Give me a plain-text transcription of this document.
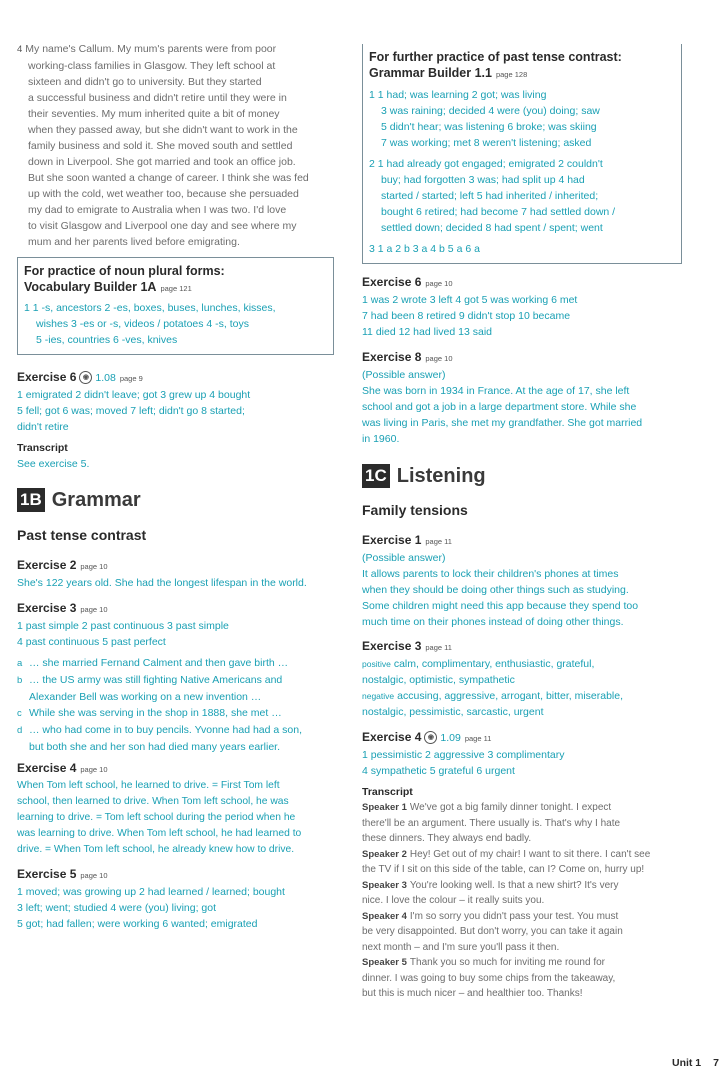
4 My name's Callum. My mum's parents were from poor
working-class families in Glasgow. They left school at
sixteen and didn't go to university. But they started
a successful business and didn't retire until they were in
their seventies. My mum inherited quite a bit of money
when they passed away, but she didn't want to work in the
family business and sold it. She moved south and settled
down in Liverpool. She got married and took an office job.
But she soon wanted a change of career. I think she was fed
up with the cold, wet weather too, because she persuaded
my dad to emigrate to Australia when I was two. I'd love
to visit Glasgow and Liverpool one day and see where my
mum and her parents lived before emigrating.
For practice of noun plural forms:
Vocabulary Builder 1A page 121
1 1 -s, ancestors 2 -es, boxes, buses, lunches, kisses,
wishes 3 -es or -s, videos / potatoes 4 -s, toys
5 -ies, countries 6 -ves, knives
Exercise 6 ◉ 1.08 page 9
1 emigrated 2 didn't leave; got 3 grew up 4 bought
5 fell; got 6 was; moved 7 left; didn't go 8 started;
didn't retire
Transcript
See exercise 5.
1B Grammar
Past tense contrast
Exercise 2 page 10
She's 122 years old. She had the longest lifespan in the world.
Exercise 3 page 10
1 past simple 2 past continuous 3 past simple
4 past continuous 5 past perfect
a … she married Fernand Calment and then gave birth …
b … the US army was still fighting Native Americans and
Alexander Bell was working on a new invention …
c While she was serving in the shop in 1888, she met …
d … who had come in to buy pencils. Yvonne had had a son,
but both she and her son had died many years earlier.
Exercise 4 page 10
When Tom left school, he learned to drive. = First Tom left
school, then learned to drive. When Tom left school, he was
learning to drive. = Tom left school during the period when he
was learning to drive. When Tom left school, he had learned to
drive. = When Tom left school, he already knew how to drive.
Exercise 5 page 10
1 moved; was growing up 2 had learned / learned; bought
3 left; went; studied 4 were (you) living; got
5 got; had fallen; were working 6 wanted; emigrated
For further practice of past tense contrast:
Grammar Builder 1.1 page 128
1 1 had; was learning 2 got; was living
3 was raining; decided 4 were (you) doing; saw
5 didn't hear; was listening 6 broke; was skiing
7 was working; met 8 weren't listening; asked
2 1 had already got engaged; emigrated 2 couldn't
buy; had forgotten 3 was; had split up 4 had
started / started; left 5 had inherited / inherited;
bought 6 retired; had become 7 had settled down /
settled down; decided 8 had spent / spent; went
3 1 a 2 b 3 a 4 b 5 a 6 a
Exercise 6 page 10
1 was 2 wrote 3 left 4 got 5 was working 6 met
7 had been 8 retired 9 didn't stop 10 became
11 died 12 had lived 13 said
Exercise 8 page 10
(Possible answer)
She was born in 1934 in France. At the age of 17, she left
school and got a job in a large department store. While she
was living in Paris, she met my grandfather. She got married
in 1960.
1C Listening
Family tensions
Exercise 1 page 11
(Possible answer)
It allows parents to lock their children's phones at times
when they should be doing other things such as studying.
Some children might need this app because they spend too
much time on their phones instead of doing other things.
Exercise 3 page 11
positive calm, complimentary, enthusiastic, grateful,
nostalgic, optimistic, sympathetic
negative accusing, aggressive, arrogant, bitter, miserable,
nostalgic, pessimistic, sarcastic, urgent
Exercise 4 ◉ 1.09 page 11
1 pessimistic 2 aggressive 3 complimentary
4 sympathetic 5 grateful 6 urgent
Transcript
Speaker 1 We've got a big family dinner tonight. I expect
there'll be an argument. There usually is. That's why I hate
these dinners. They always end badly.
Speaker 2 Hey! Get out of my chair! I want to sit there. I can't see
the TV if I sit on this side of the table, can I? Come on, hurry up!
Speaker 3 You're looking well. Is that a new shirt? It's very
nice. I love the colour – it really suits you.
Speaker 4 I'm so sorry you didn't pass your test. You must
be very disappointed. But don't worry, you can take it again
next month – and I'm sure you'll pass it then.
Speaker 5 Thank you so much for inviting me round for
dinner. I was going to buy some chips from the takeaway,
but this is much nicer – and healthier too. Thanks!
Unit 1 7
